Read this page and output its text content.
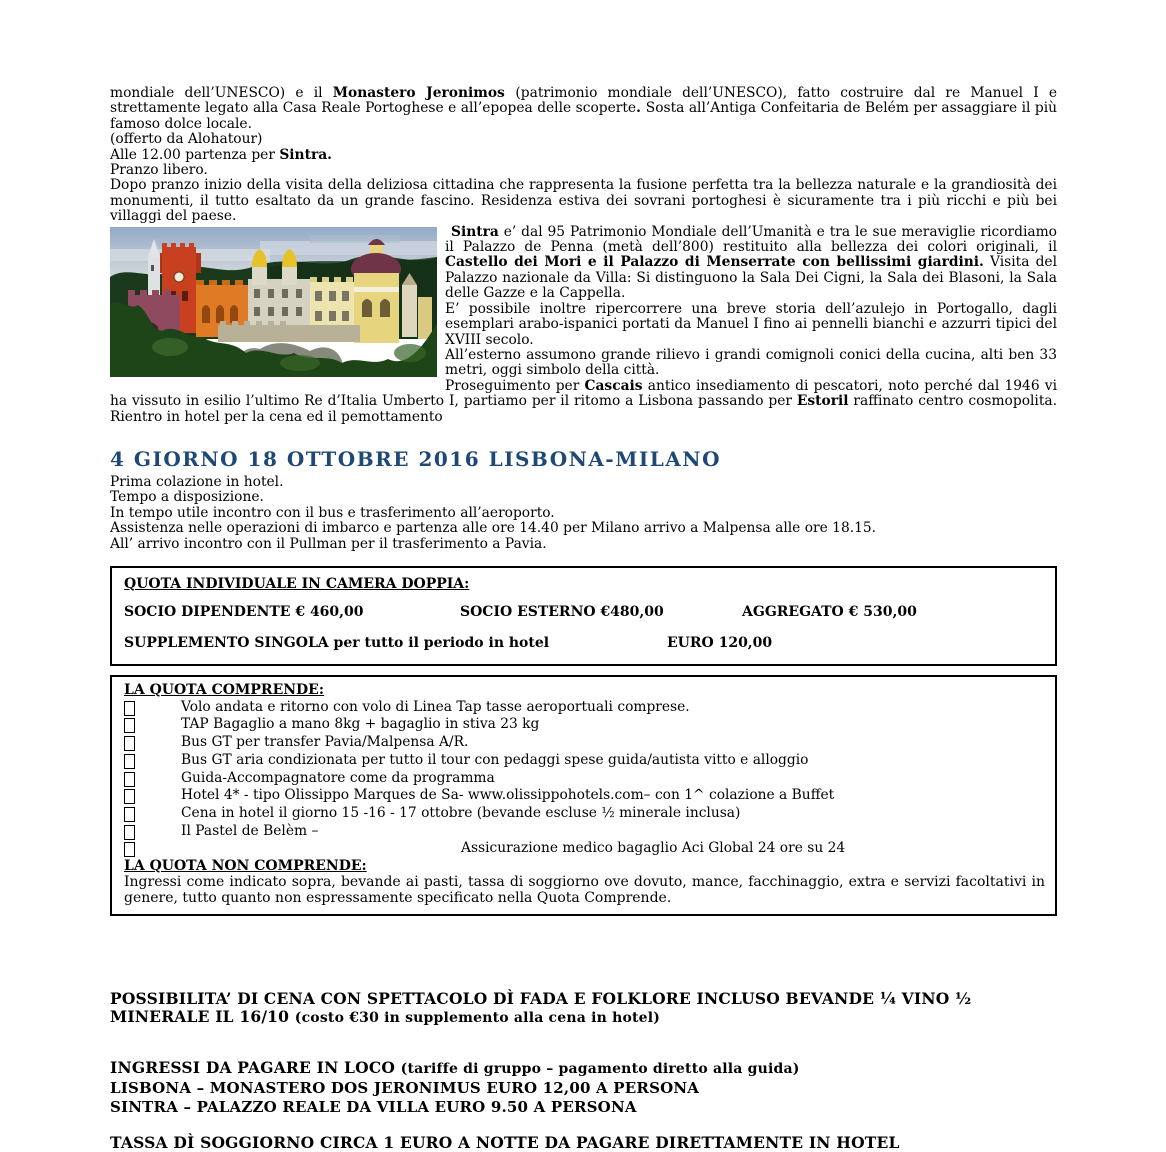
mondiale dell’UNESCO) e il Monastero Jeronimos (patrimonio mondiale dell’UNESCO), fatto costruire dal re Manuel I e strettamente legato alla Casa Reale Portoghese e all’epopea delle scoperte. Sosta all’Antiga Confeitaria de Belém per assaggiare il più famoso dolce locale.

(offerto da Alohatour)

Alle 12.00 partenza per Sintra.

Pranzo libero.

Dopo pranzo inizio della visita della deliziosa cittadina che rappresenta la fusione perfetta tra la bellezza naturale e la grandiosità dei monumenti, il tutto esaltato da un grande fascino. Residenza estiva dei sovrani portoghesi è sicuramente tra i più ricchi e più bei villaggi del paese.

Sintra e’ dal 95 Patrimonio Mondiale dell’Umanità e tra le sue meraviglie ricordiamo il Palazzo de Penna (metà dell’800) restituito alla bellezza dei colori originali, il Castello dei Mori e il Palazzo di Menserrate con bellissimi giardini. Visita del Palazzo nazionale da Villa: Si distinguono la Sala Dei Cigni, la Sala dei Blasoni, la Sala delle Gazze e la Cappella.

E’ possibile inoltre ripercorrere una breve storia dell’azulejo in Portogallo, dagli esemplari arabo-ispanici portati da Manuel I fino ai pennelli bianchi e azzurri tipici del XVIII secolo.

All’esterno assumono grande rilievo i grandi comignoli conici della cucina, alti ben 33 metri, oggi simbolo della città.

Proseguimento per Cascais antico insediamento di pescatori, noto perché dal 1946 vi ha vissuto in esilio l’ultimo Re d’Italia Umberto I, partiamo per il ritomo a Lisbona passando per Estoril raffinato centro cosmopolita. Rientro in hotel per la cena ed il pemottamento

4 GIORNO 18 OTTOBRE 2016 LISBONA-MILANO

Prima colazione in hotel.

Tempo a disposizione.

In tempo utile incontro con il bus e trasferimento all’aeroporto.

Assistenza nelle operazioni di imbarco e partenza alle ore 14.40 per Milano arrivo a Malpensa alle ore 18.15.

All’ arrivo incontro con il Pullman per il trasferimento a Pavia.

QUOTA INDIVIDUALE IN CAMERA DOPPIA:

SOCIO DIPENDENTE € 460,00	SOCIO ESTERNO €480,00	AGGREGATO € 530,00
SUPPLEMENTO SINGOLA per tutto il periodo in hotel	EURO 120,00

LA QUOTA COMPRENDE:

Volo andata e ritorno con volo di Linea Tap tasse aeroportuali comprese.
TAP Bagaglio a mano 8kg + bagaglio in stiva 23 kg
Bus GT per transfer Pavia/Malpensa A/R.
Bus GT aria condizionata per tutto il tour con pedaggi spese guida/autista vitto e alloggio
Guida-Accompagnatore come da programma
Hotel 4* - tipo Olissippo Marques de Sa- www.olissippohotels.com– con 1^ colazione a Buffet
Cena in hotel il giorno 15 -16 - 17 ottobre (bevande escluse ½ minerale inclusa)
Il Pastel de Belèm –
Assicurazione medico bagaglio Aci Global 24 ore su 24

LA QUOTA NON COMPRENDE:

Ingressi come indicato sopra, bevande ai pasti, tassa di soggiorno ove dovuto, mance, facchinaggio, extra e servizi facoltativi in genere, tutto quanto non espressamente specificato nella Quota Comprende.

POSSIBILITA’ DI CENA CON SPETTACOLO DÌ FADA E FOLKLORE INCLUSO BEVANDE ¼ VINO ½
MINERALE IL 16/10 (costo €30 in supplemento alla cena in hotel)

INGRESSI DA PAGARE IN LOCO (tariffe di gruppo – pagamento diretto alla guida)

LISBONA – MONASTERO DOS JERONIMUS EURO 12,00 A PERSONA

SINTRA – PALAZZO REALE DA VILLA EURO 9.50 A PERSONA

TASSA DÌ SOGGIORNO CIRCA 1 EURO A NOTTE DA PAGARE DIRETTAMENTE IN HOTEL
